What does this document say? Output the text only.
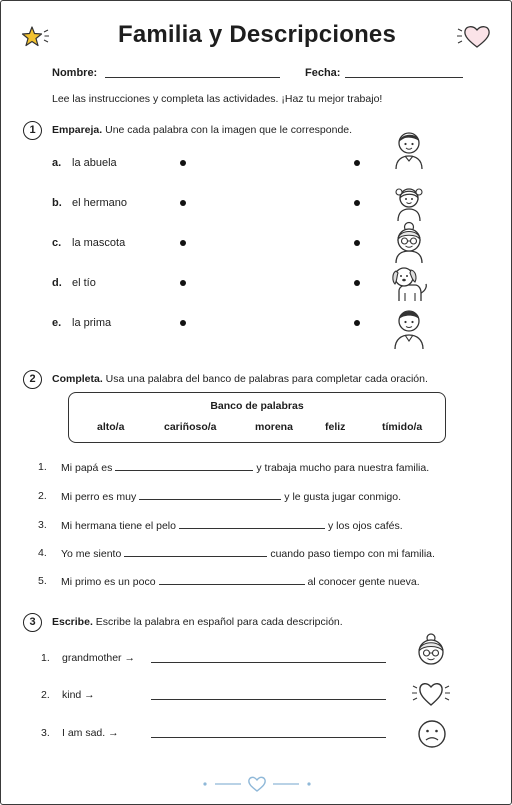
Familia y Descripciones
Nombre:	Fecha:
Lee las instrucciones y completa las actividades. ¡Haz tu mejor trabajo!
1	Empareja. Une cada palabra con la imagen que le corresponde.
a. la abuela
b. el hermano
c. la mascota
d. el tío
e. la prima
2	Completa. Usa una palabra del banco de palabras para completar cada oración.
Banco de palabras
alto/a	cariñoso/a	morena	feliz	tímido/a
1. Mi papá es	y trabaja mucho para nuestra familia.
2. Mi perro es muy	y le gusta jugar conmigo.
3. Mi hermana tiene el pelo	y los ojos cafés.
4. Yo me siento	cuando paso tiempo con mi familia.
5. Mi primo es un poco	al conocer gente nueva.
3	Escribe. Escribe la palabra en español para cada descripción.
1. grandmother →
2. kind →
3. I am sad. →
